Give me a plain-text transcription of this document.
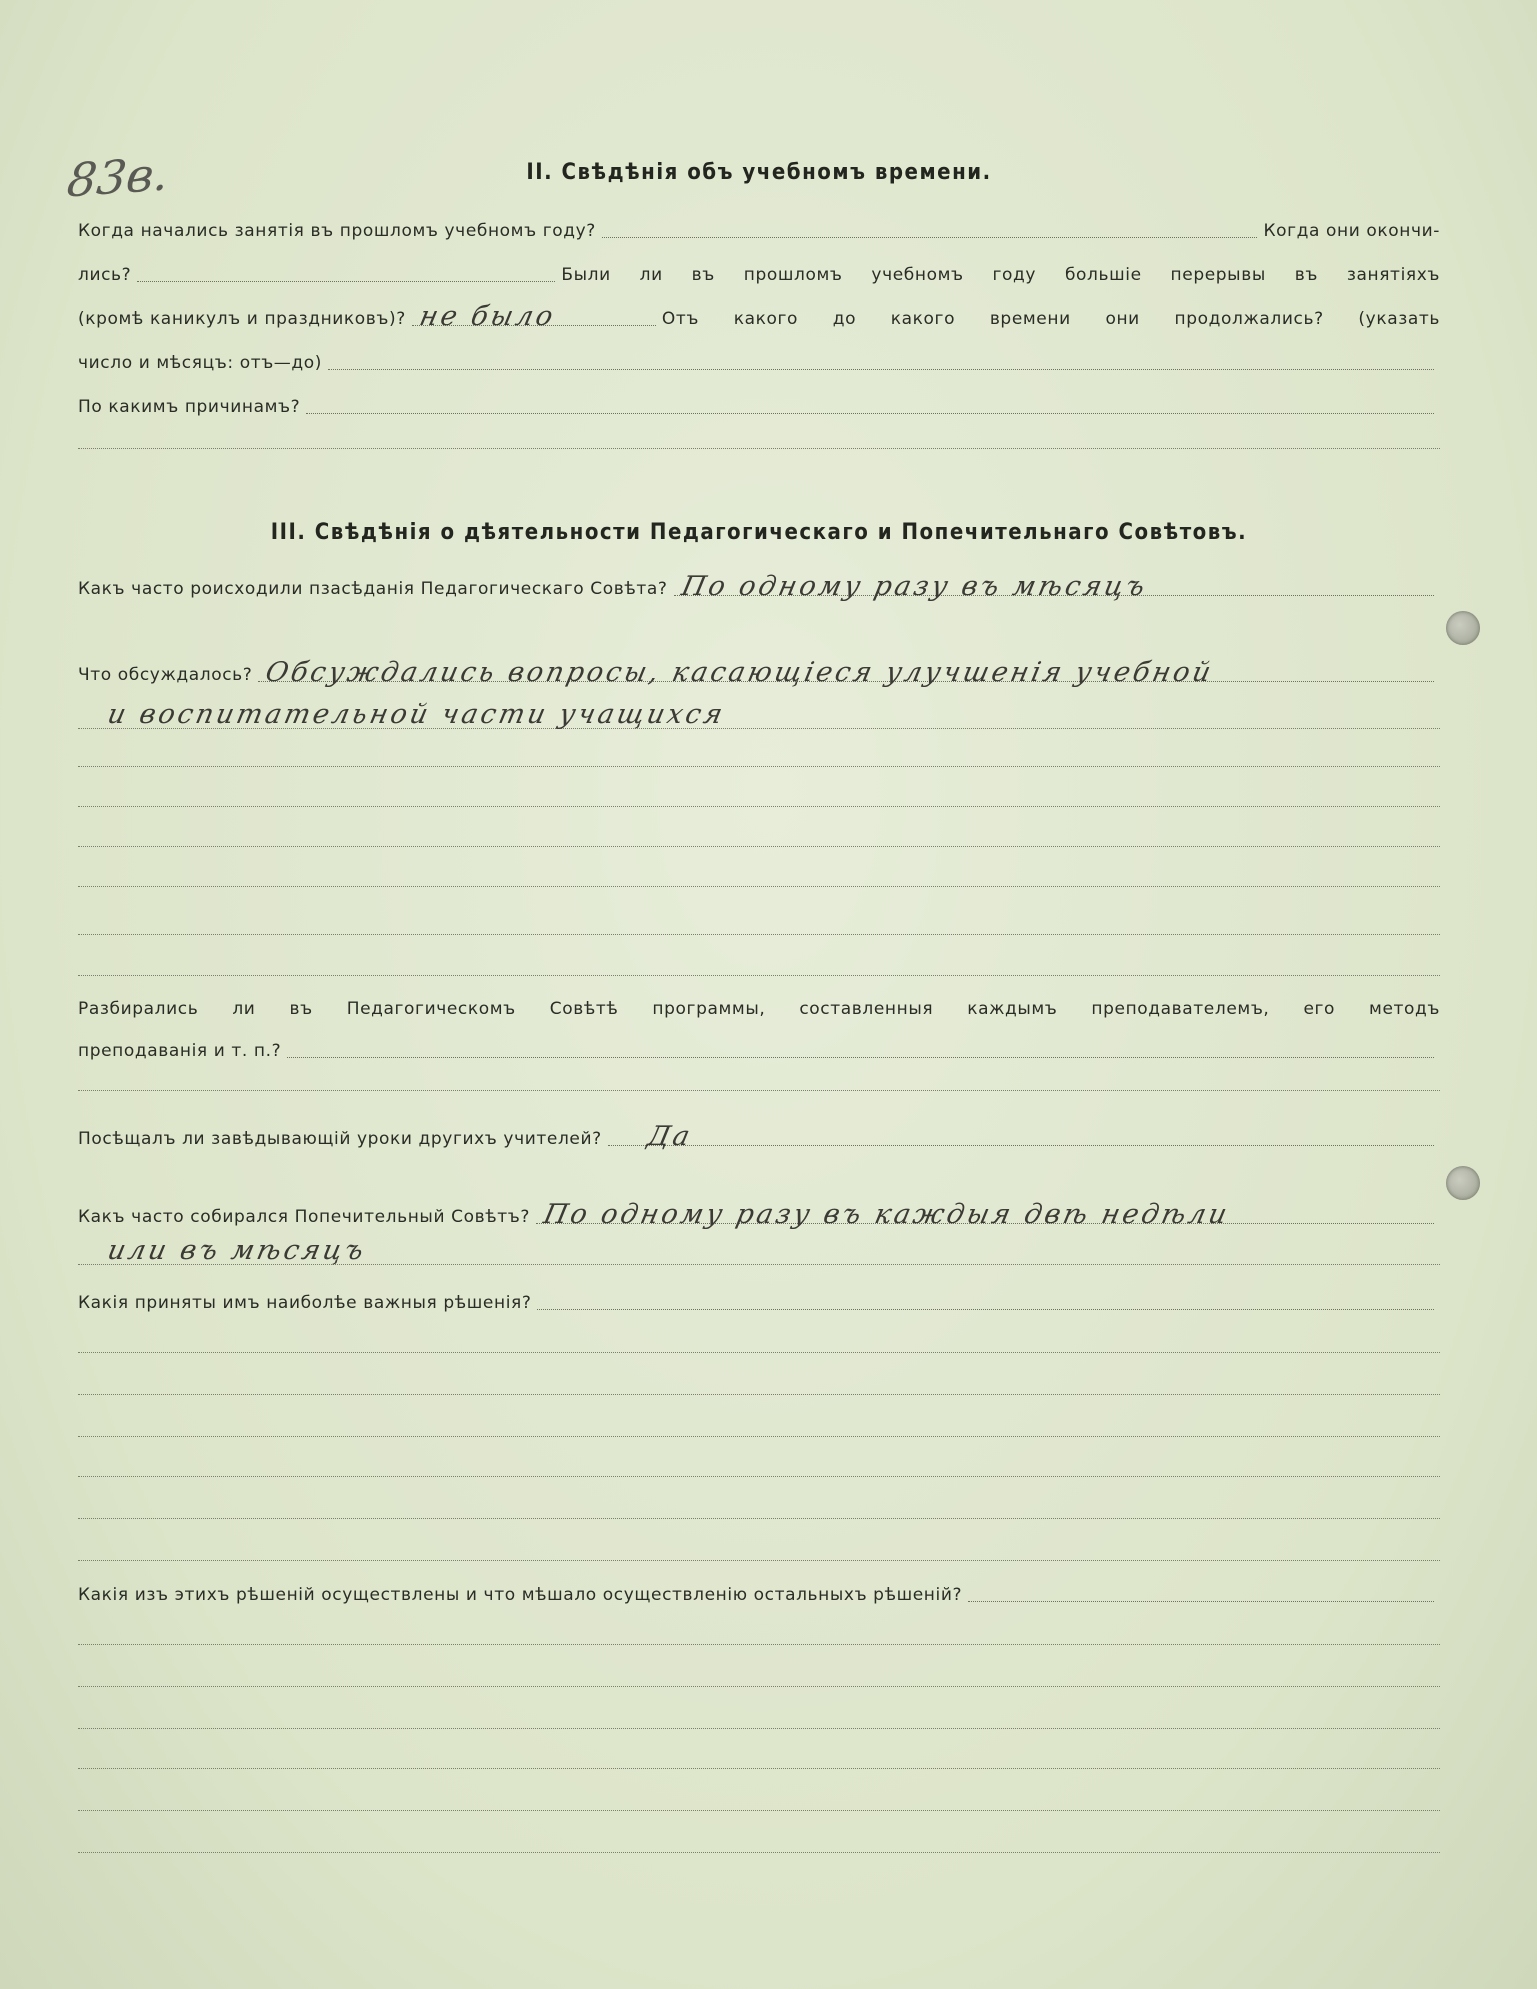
83в.	II. Свѣдѣнія объ учебномъ времени.
Когда начались занятія въ прошломъ учебномъ году?	Когда они окончи-
лись?	Были ли въ прошломъ учебномъ году большіе перерывы въ занятіяхъ
(кромѣ каникулъ и праздниковъ)? не было	Отъ какого до какого времени они продолжались? (указать
число и мѣсяцъ: отъ—до)
По какимъ причинамъ?
III. Свѣдѣнія о дѣятельности Педагогическаго и Попечительнаго Совѣтовъ.
Какъ часто роисходили пзасѣданія Педагогическаго Совѣта? По одному разу въ мѣсяцъ
Что обсуждалось? Обсуждались вопросы, касающіеся улучшенія учебной
и воспитательной части учащихся
Разбирались ли въ Педагогическомъ Совѣтѣ программы, составленныя каждымъ преподавателемъ, его методъ
преподаванія и т. п.?
Посѣщалъ ли завѣдывающій уроки другихъ учителей? Да
Какъ часто собирался Попечительный Совѣтъ? По одному разу въ каждыя двѣ недѣли
или въ мѣсяцъ
Какія приняты имъ наиболѣе важныя рѣшенія?
Какія изъ этихъ рѣшеній осуществлены и что мѣшало осуществленію остальныхъ рѣшеній?
